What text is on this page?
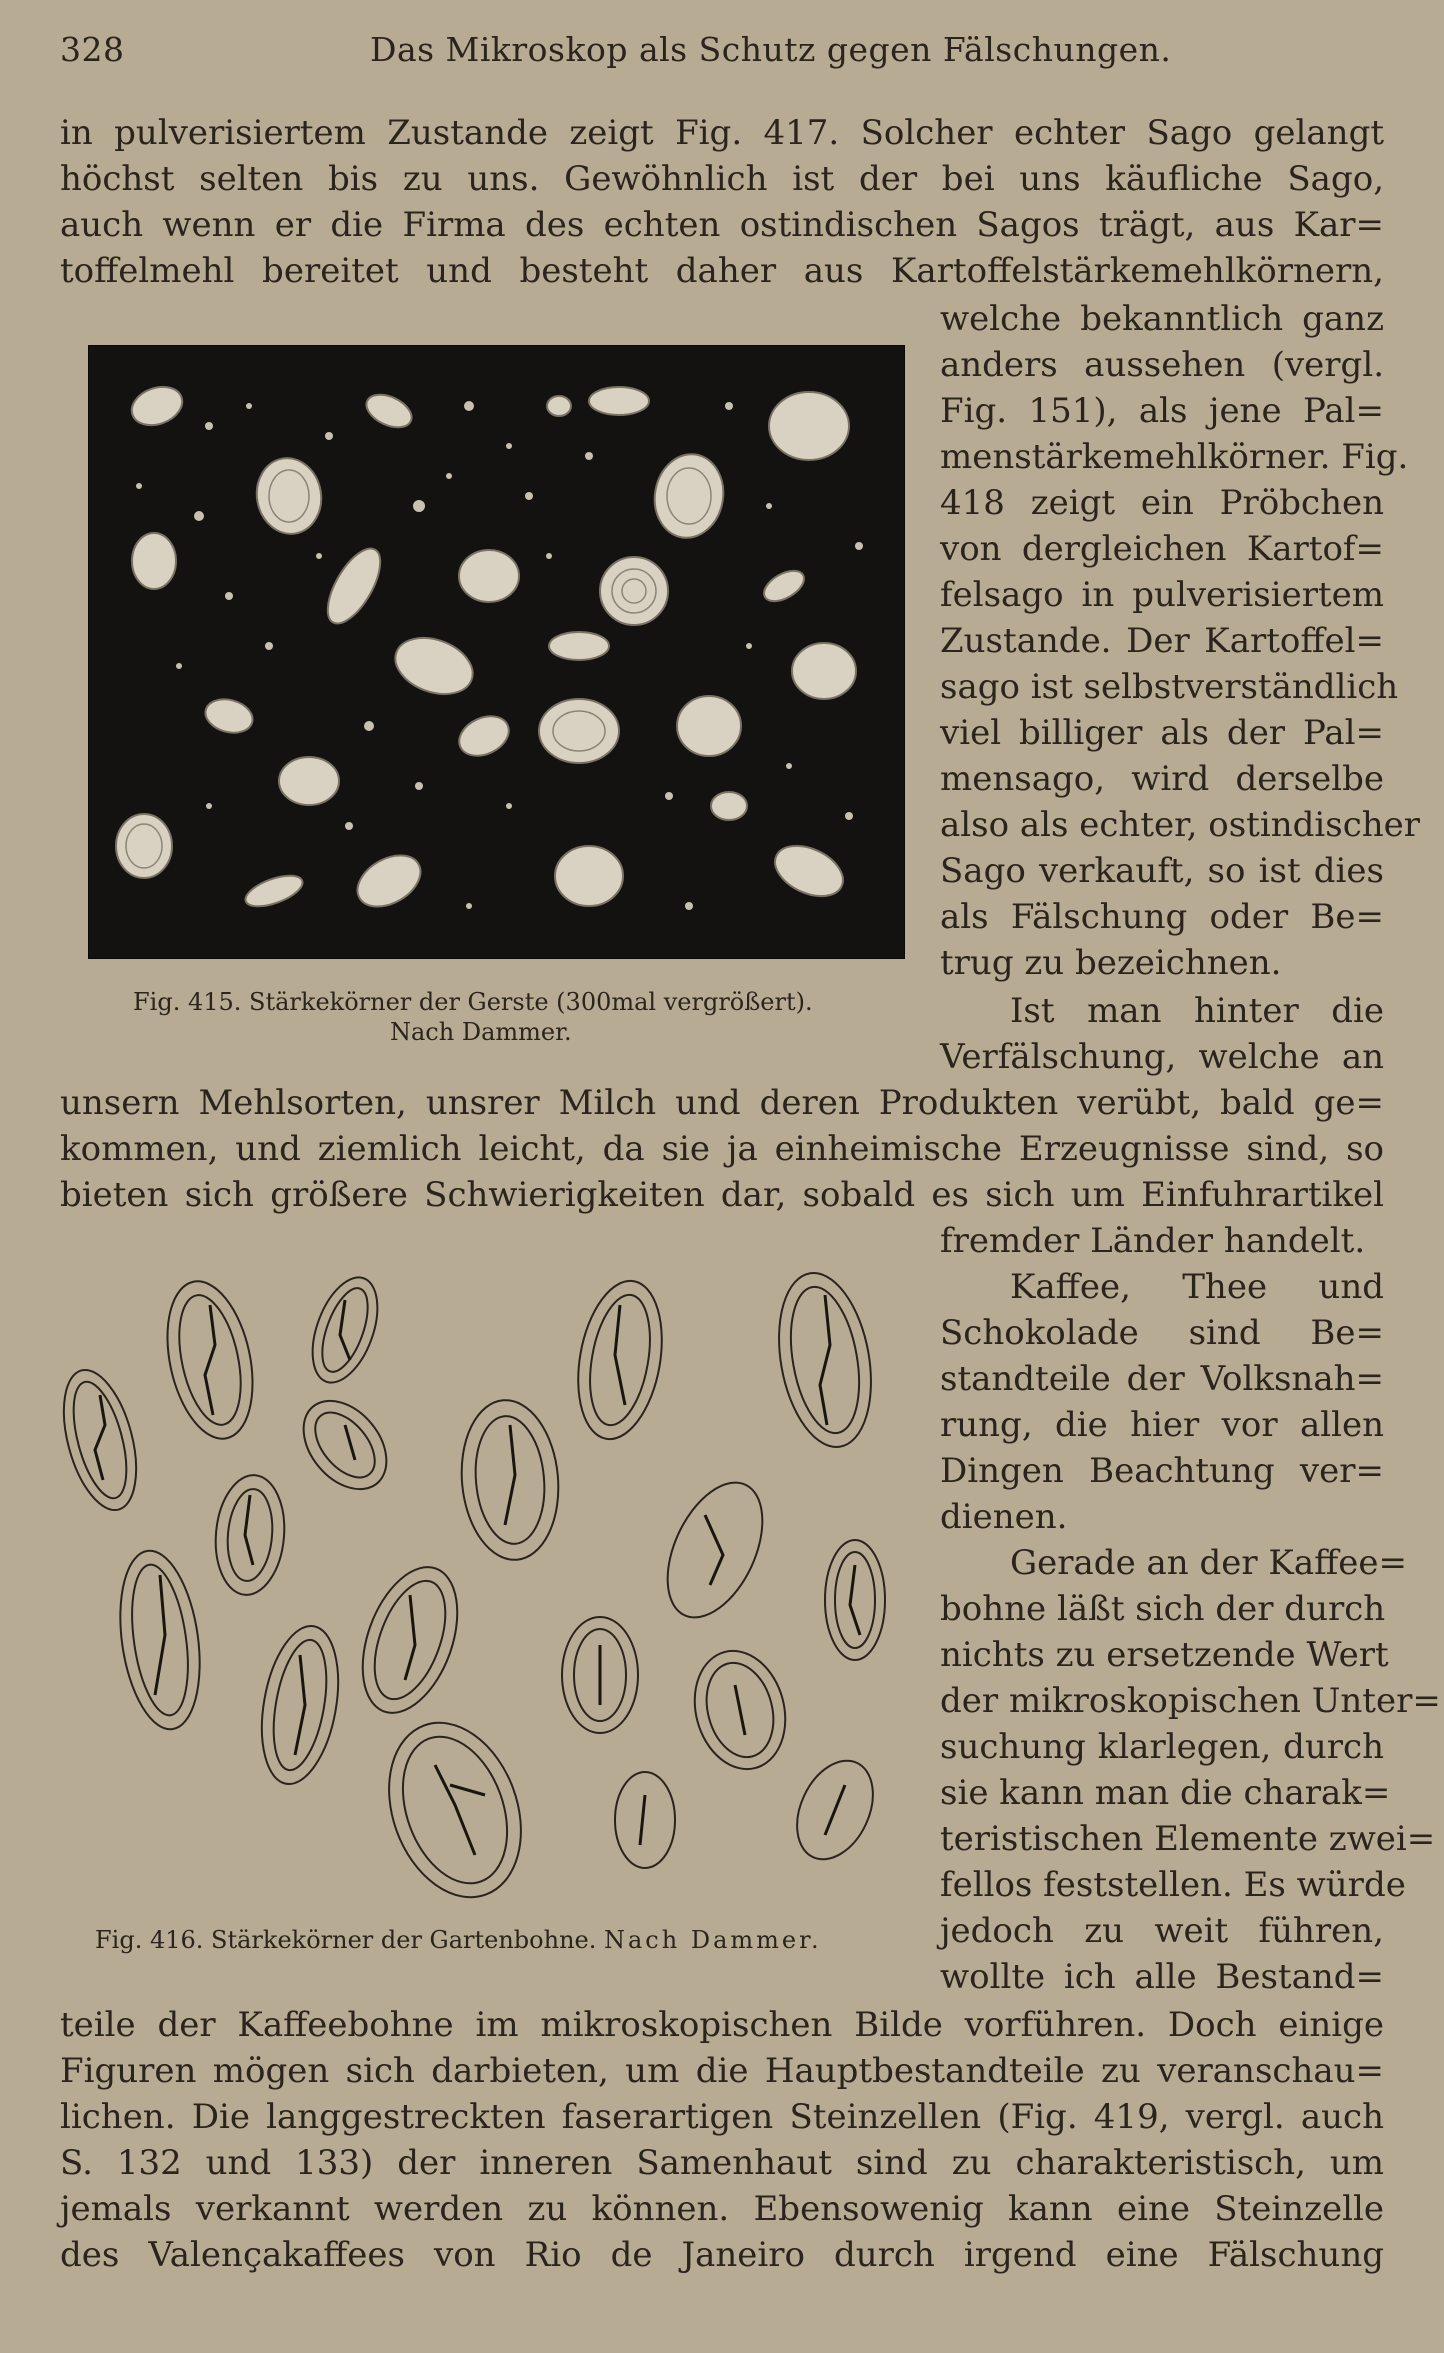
328	Das Mikroskop als Schutz gegen Fälschungen.
in pulverisiertem Zustande zeigt Fig. 417. Solcher echter Sago gelangt
höchst selten bis zu uns. Gewöhnlich ist der bei uns käufliche Sago,
auch wenn er die Firma des echten ostindischen Sagos trägt, aus Kar=
toffelmehl bereitet und besteht daher aus Kartoffelstärkemehlkörnern,
welche bekanntlich ganz
anders aussehen (vergl.
Fig. 151), als jene Pal=
menstärkemehlkörner. Fig.
418 zeigt ein Pröbchen
von dergleichen Kartof=
felsago in pulverisiertem
Zustande. Der Kartoffel=
sago ist selbstverständlich
viel billiger als der Pal=
mensago, wird derselbe
also als echter, ostindischer
Sago verkauft, so ist dies
als Fälschung oder Be=
trug zu bezeichnen.
Ist man hinter die
Verfälschung, welche an
unsern Mehlsorten, unsrer Milch und deren Produkten verübt, bald ge=
kommen, und ziemlich leicht, da sie ja einheimische Erzeugnisse sind, so
bieten sich größere Schwierigkeiten dar, sobald es sich um Einfuhrartikel
fremder Länder handelt.
Kaffee, Thee und
Schokolade sind Be=
standteile der Volksnah=
rung, die hier vor allen
Dingen Beachtung ver=
dienen.
Gerade an der Kaffee=
bohne läßt sich der durch
nichts zu ersetzende Wert
der mikroskopischen Unter=
suchung klarlegen, durch
sie kann man die charak=
teristischen Elemente zwei=
fellos feststellen. Es würde
jedoch zu weit führen,
wollte ich alle Bestand=
teile der Kaffeebohne im mikroskopischen Bilde vorführen. Doch einige
Figuren mögen sich darbieten, um die Hauptbestandteile zu veranschau=
lichen. Die langgestreckten faserartigen Steinzellen (Fig. 419, vergl. auch
S. 132 und 133) der inneren Samenhaut sind zu charakteristisch, um
jemals verkannt werden zu können. Ebensowenig kann eine Steinzelle
des Valençakaffees von Rio de Janeiro durch irgend eine Fälschung
Fig. 415. Stärkekörner der Gerste (300mal vergrößert).
Nach Dammer.
Fig. 416. Stärkekörner der Gartenbohne. Nach Dammer.
